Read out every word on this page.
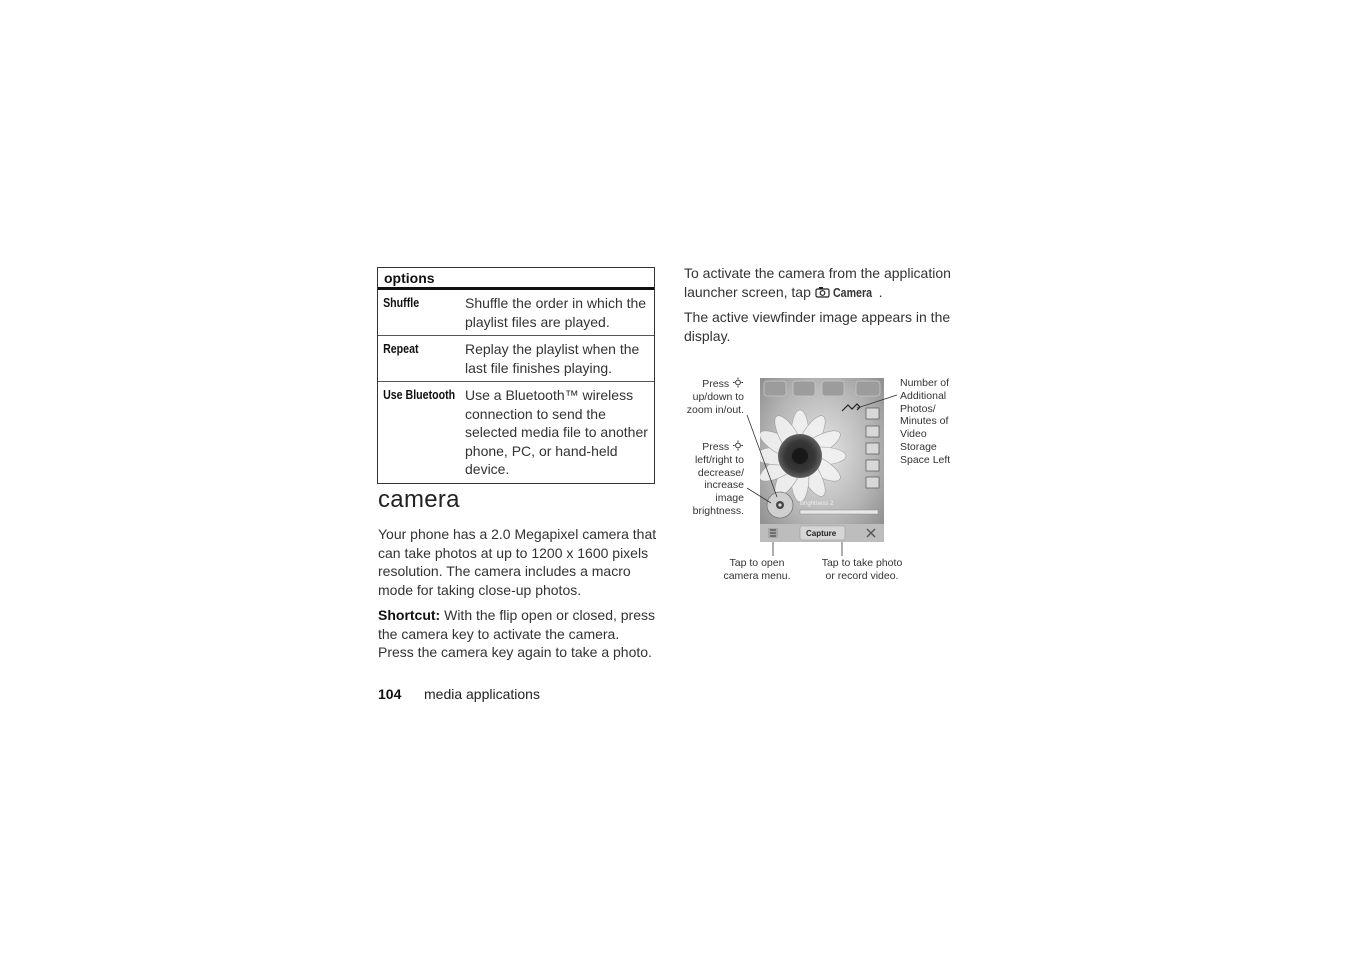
options
Shuffle	Shuffle the order in which the playlist files are played.
Repeat	Replay the playlist when the last file finishes playing.
Use Bluetooth Use a Bluetooth™ wireless connection to send the selected media file to another phone, PC, or hand-held device.
camera
Your phone has a 2.0 Megapixel camera that can take photos at up to 1200 x 1600 pixels resolution. The camera includes a macro mode for taking close-up photos.
Shortcut: With the flip open or closed, press the camera key to activate the camera. Press the camera key again to take a photo.
104 media applications
To activate the camera from the application launcher screen, tap Camera .
The active viewfinder image appears in the display.
Press
up/down to zoom in/out.
Press
left/right to decrease/ increase image brightness.
Number of Additional Photos/ Minutes of Video Storage Space Left
Tap to open camera menu.
Tap to take photo or record video.
Brightness 2
Capture
